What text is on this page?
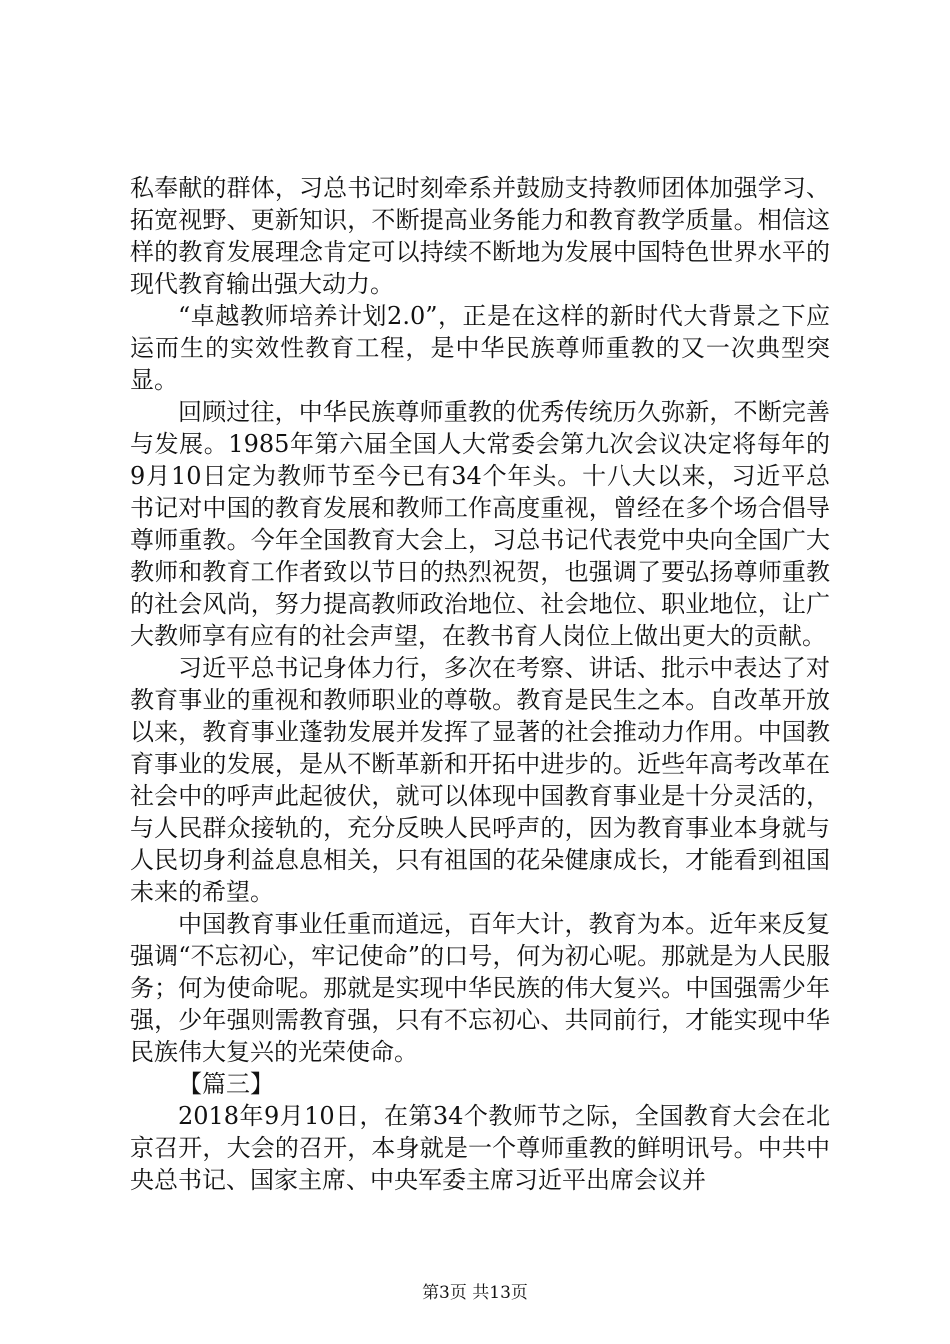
私奉献的群体，习总书记时刻牵系并鼓励支持教师团体加强学习、拓宽视野、更新知识，不断提高业务能力和教育教学质量。相信这样的教育发展理念肯定可以持续不断地为发展中国特色世界水平的现代教育输出强大动力。

“卓越教师培养计划2.0”，正是在这样的新时代大背景之下应运而生的实效性教育工程，是中华民族尊师重教的又一次典型突显。

回顾过往，中华民族尊师重教的优秀传统历久弥新，不断完善与发展。1985年第六届全国人大常委会第九次会议决定将每年的9月10日定为教师节至今已有34个年头。十八大以来，习近平总书记对中国的教育发展和教师工作高度重视，曾经在多个场合倡导尊师重教。今年全国教育大会上，习总书记代表党中央向全国广大教师和教育工作者致以节日的热烈祝贺，也强调了要弘扬尊师重教的社会风尚，努力提高教师政治地位、社会地位、职业地位，让广大教师享有应有的社会声望，在教书育人岗位上做出更大的贡献。

习近平总书记身体力行，多次在考察、讲话、批示中表达了对教育事业的重视和教师职业的尊敬。教育是民生之本。自改革开放以来，教育事业蓬勃发展并发挥了显著的社会推动力作用。中国教育事业的发展，是从不断革新和开拓中进步的。近些年高考改革在社会中的呼声此起彼伏，就可以体现中国教育事业是十分灵活的，与人民群众接轨的，充分反映人民呼声的，因为教育事业本身就与人民切身利益息息相关，只有祖国的花朵健康成长，才能看到祖国未来的希望。

中国教育事业任重而道远，百年大计，教育为本。近年来反复强调“不忘初心，牢记使命”的口号，何为初心呢。那就是为人民服务；何为使命呢。那就是实现中华民族的伟大复兴。中国强需少年强，少年强则需教育强，只有不忘初心、共同前行，才能实现中华民族伟大复兴的光荣使命。

【篇三】

2018年9月10日，在第34个教师节之际，全国教育大会在北京召开，大会的召开，本身就是一个尊师重教的鲜明讯号。中共中央总书记、国家主席、中央军委主席习近平出席会议并

第3页 共13页
